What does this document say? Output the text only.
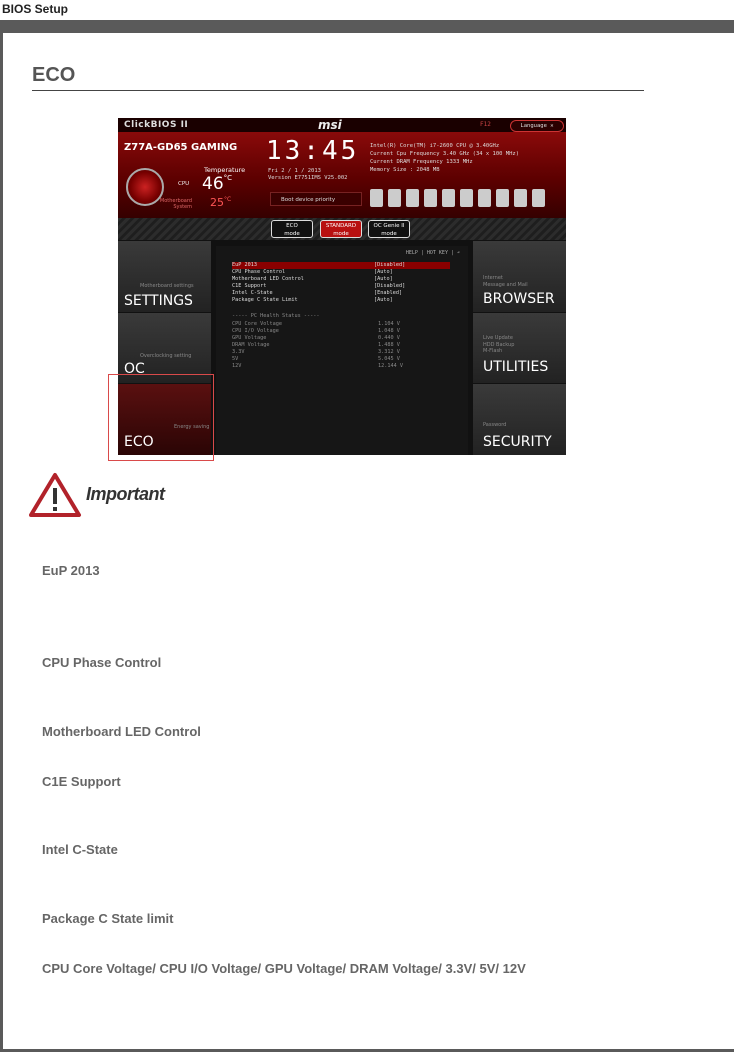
BIOS Setup
ECO
ClickBIOS II	msi	F12	Language ✕
Z77A-GD65 GAMING
Temperature
CPU $46^{^\circ C}$
Motherboard
System $25^{^\circ C}$
13:45
Fri 2 / 1 / 2013
Version E7751IMS V25.002
Intel(R) Core(TM) i7-2600 CPU @ 3.40GHz
Current Cpu Frequency 3.40 GHz (34 x 100 MHz)
Current DRAM Frequency 1333 MHz
Memory Size : 2048 MB
Boot device priority
ECO
mode
STANDARD
mode
OC Genie II
mode
Motherboard settings
SETTINGS
Overclocking setting
OC
Energy saving
ECO
Internet
Message and Mail
BROWSER
Live Update
HDD Backup
M-Flash
UTILITIES
Password
SECURITY
HELP | HOT KEY | ↶
EuP 2013	[Disabled]
CPU Phase Control	[Auto]
Motherboard LED Control	[Auto]
C1E Support	[Disabled]
Intel C-State	[Enabled]
Package C State Limit	[Auto]
----- PC Health Status -----
CPU Core Voltage	1.104 V
CPU I/O Voltage	1.048 V
GPU Voltage	0.440 V
DRAM Voltage	1.488 V
3.3V	3.312 V
5V	5.045 V
12V	12.144 V
Important
EuP 2013
CPU Phase Control
Motherboard LED Control
C1E Support
Intel C-State
Package C State limit
CPU Core Voltage/ CPU I/O Voltage/ GPU Voltage/ DRAM Voltage/ 3.3V/ 5V/ 12V
